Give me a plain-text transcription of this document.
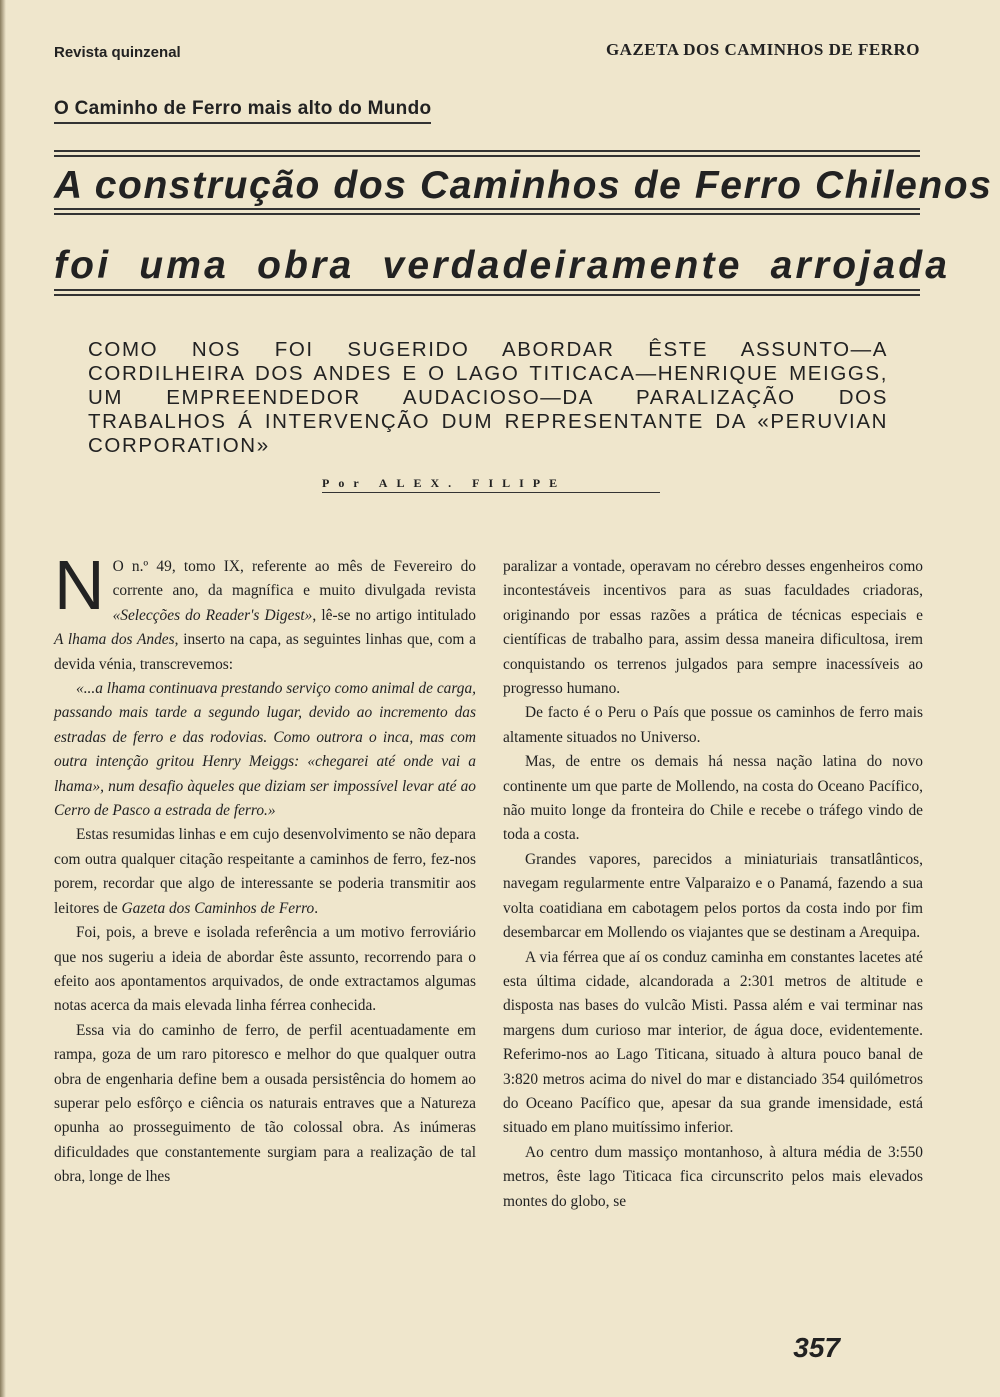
Revista quinzenal	GAZETA DOS CAMINHOS DE FERRO
O Caminho de Ferro mais alto do Mundo
A construção dos Caminhos de Ferro Chilenos
foi uma obra verdadeiramente arrojada
COMO NOS FOI SUGERIDO ABORDAR ÊSTE ASSUNTO—A CORDILHEIRA DOS ANDES E O LAGO TITICACA—HENRIQUE MEIGGS, UM EMPREENDEDOR AUDACIOSO—DA PARALIZAÇÃO DOS TRABALHOS Á INTERVENÇÃO DUM REPRESENTANTE DA «PERUVIAN CORPORATION»
Por ALEX. FILIPE

N O n.º 49, tomo IX, referente ao mês de Fevereiro do corrente ano, da magnífica e muito divulgada revista «Selecções do Reader's Digest», lê-se no artigo intitulado A lhama dos Andes, inserto na capa, as seguintes linhas que, com a devida vénia, transcrevemos:

«...a lhama continuava prestando serviço como animal de carga, passando mais tarde a segundo lugar, devido ao incremento das estradas de ferro e das rodovias. Como outrora o inca, mas com outra intenção gritou Henry Meiggs: «chegarei até onde vai a lhama», num desafio àqueles que diziam ser impossível levar até ao Cerro de Pasco a estrada de ferro.»

Estas resumidas linhas e em cujo desenvolvimento se não depara com outra qualquer citação respeitante a caminhos de ferro, fez-nos porem, recordar que algo de interessante se poderia transmitir aos leitores de Gazeta dos Caminhos de Ferro.

Foi, pois, a breve e isolada referência a um motivo ferroviário que nos sugeriu a ideia de abordar êste assunto, recorrendo para o efeito aos apontamentos arquivados, de onde extractamos algumas notas acerca da mais elevada linha férrea conhecida.

Essa via do caminho de ferro, de perfil acentuadamente em rampa, goza de um raro pitoresco e melhor do que qualquer outra obra de engenharia define bem a ousada persistência do homem ao superar pelo esfôrço e ciência os naturais entraves que a Natureza opunha ao prosseguimento de tão colossal obra. As inúmeras dificuldades que constantemente surgiam para a realização de tal obra, longe de lhes

paralizar a vontade, operavam no cérebro desses engenheiros como incontestáveis incentivos para as suas faculdades criadoras, originando por essas razões a prática de técnicas especiais e científicas de trabalho para, assim dessa maneira dificultosa, irem conquistando os terrenos julgados para sempre inacessíveis ao progresso humano.

De facto é o Peru o País que possue os caminhos de ferro mais altamente situados no Universo.

Mas, de entre os demais há nessa nação latina do novo continente um que parte de Mollendo, na costa do Oceano Pacífico, não muito longe da fronteira do Chile e recebe o tráfego vindo de toda a costa.

Grandes vapores, parecidos a miniaturiais transatlânticos, navegam regularmente entre Valparaizo e o Panamá, fazendo a sua volta coatidiana em cabotagem pelos portos da costa indo por fim desembarcar em Mollendo os viajantes que se destinam a Arequipa.

A via férrea que aí os conduz caminha em constantes lacetes até esta última cidade, alcandorada a 2:301 metros de altitude e disposta nas bases do vulcão Misti. Passa além e vai terminar nas margens dum curioso mar interior, de água doce, evidentemente. Referimo-nos ao Lago Titicana, situado à altura pouco banal de 3:820 metros acima do nivel do mar e distanciado 354 quilómetros do Oceano Pacífico que, apesar da sua grande imensidade, está situado em plano muitíssimo inferior.

Ao centro dum massiço montanhoso, à altura média de 3:550 metros, êste lago Titicaca fica circunscrito pelos mais elevados montes do globo, se

357
